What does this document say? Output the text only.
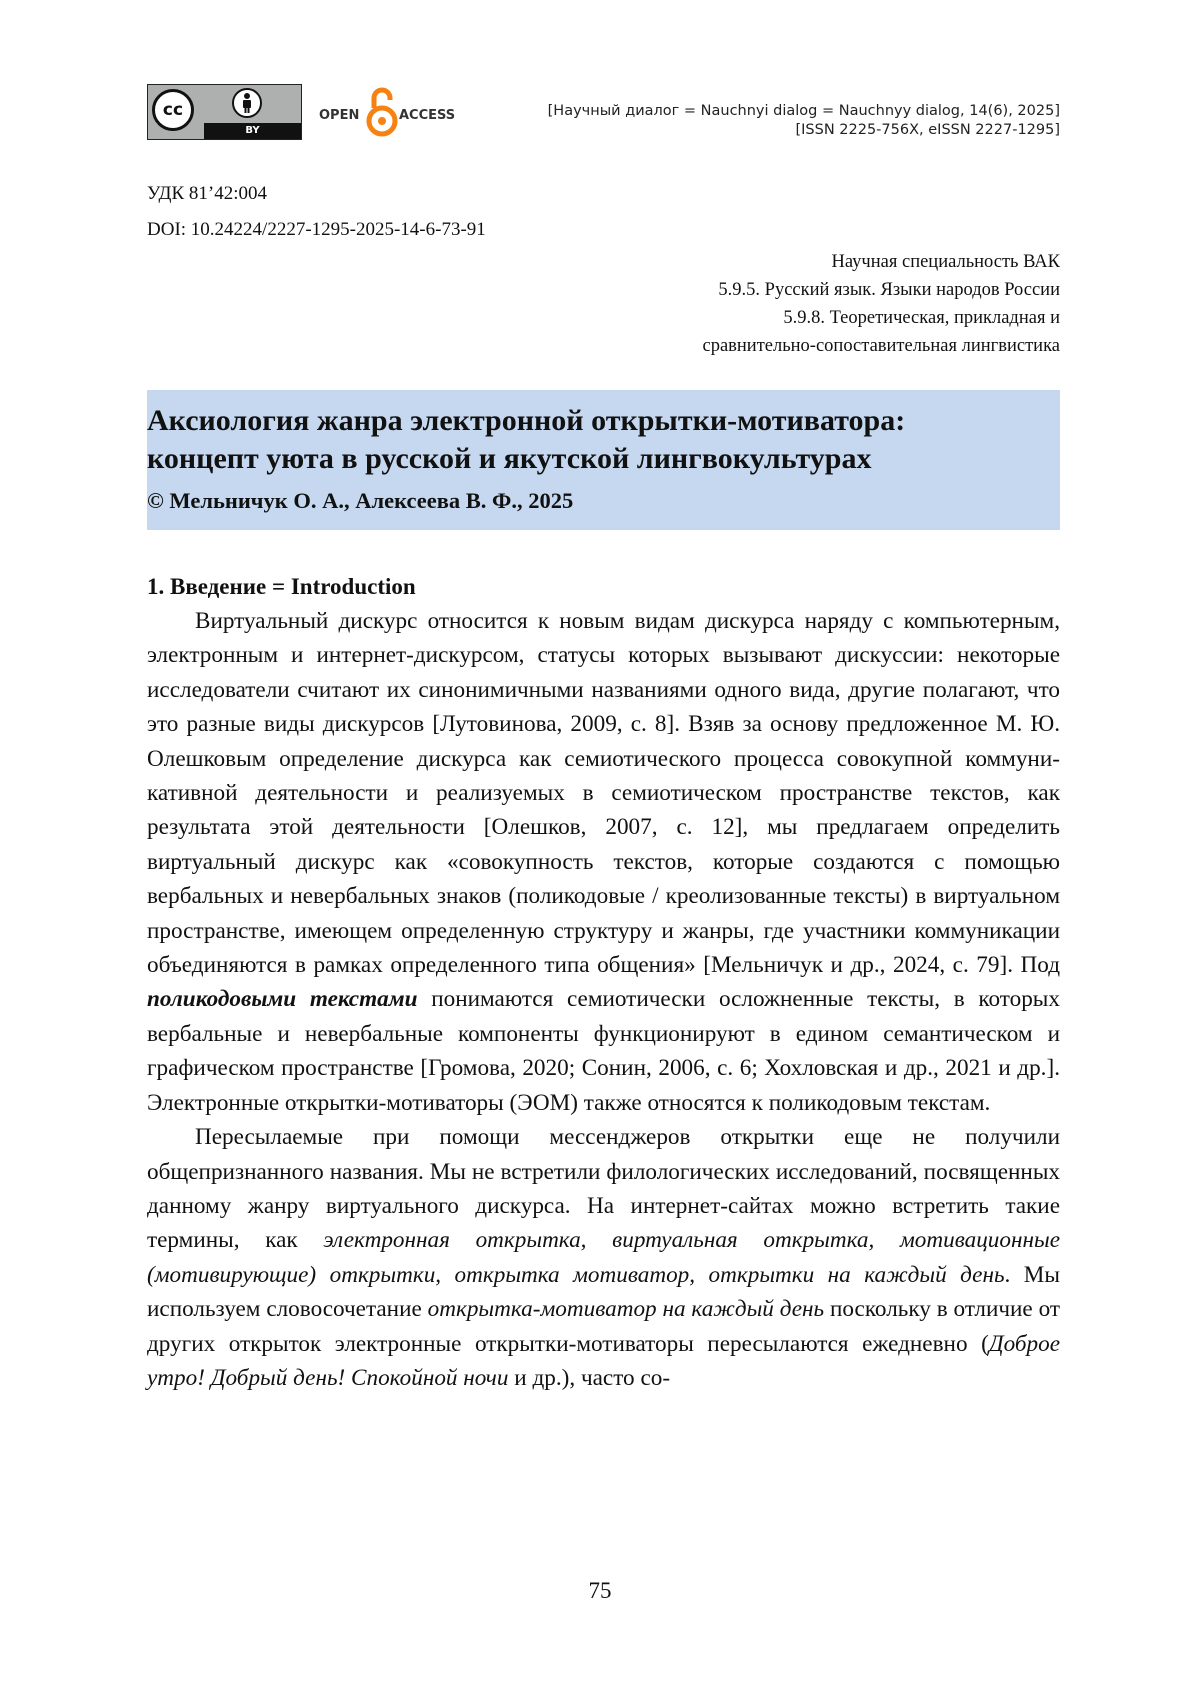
cc
BY
OPEN	ACCESS	[Научный диалог = Nauchnyi dialog = Nauchnyy dialog, 14(6), 2025]
[ISSN 2225-756X, eISSN 2227-1295]
УДК 81’42:004
DOI: 10.24224/2227-1295-2025-14-6-73-91
Научная специальность ВАК
5.9.5. Русский язык. Языки народов России
5.9.8. Теоретическая, прикладная и
сравнительно-сопоставительная лингвистика
Аксиология жанра электронной открытки-мотиватора:
концепт уюта в русской и якутской лингвокультурах
© Мельничук О. А., Алексеева В. Ф., 2025
1. Введение = Introduction

Виртуальный дискурс относится к новым видам дискурса наряду с компьютерным, электронным и интернет-дискурсом, статусы которых вызывают дискуссии: некоторые исследователи считают их синонимичными названиями одного вида, другие полагают, что это разные виды дискурсов [Лутовинова, 2009, с. 8]. Взяв за основу предложенное М. Ю. Олешковым определение дискурса как семиотического процесса совокупной коммуникативной деятельности и реализуемых в семиотическом пространстве текстов, как результата этой деятельности [Олешков, 2007, с. 12], мы предлагаем определить виртуальный дискурс как «совокупность текстов, которые создаются с помощью вербальных и невербальных знаков (поликодовые / креолизованные тексты) в виртуальном пространстве, имеющем определенную структуру и жанры, где участники коммуникации объединяются в рамках определенного типа общения» [Мельничук и др., 2024, с. 79]. Под поликодовыми текстами понимаются семиотически осложненные тексты, в которых вербальные и невербальные компоненты функционируют в едином семантическом и графическом пространстве [Громова, 2020; Сонин, 2006, с. 6; Хохловская и др., 2021 и др.]. Электронные открытки-мотиваторы (ЭОМ) также относятся к поликодовым текстам.

Пересылаемые при помощи мессенджеров открытки еще не получили общепризнанного названия. Мы не встретили филологических исследований, посвященных данному жанру виртуального дискурса. На интернет-сайтах можно встретить такие термины, как электронная открытка, виртуальная открытка, мотивационные (мотивирующие) открытки, открытка мотиватор, открытки на каждый день. Мы используем словосочетание открытка-мотиватор на каждый день поскольку в отличие от других открыток электронные открытки-мотиваторы пересылаются ежедневно (Доброе утро! Добрый день! Спокойной ночи и др.), часто со-

75
